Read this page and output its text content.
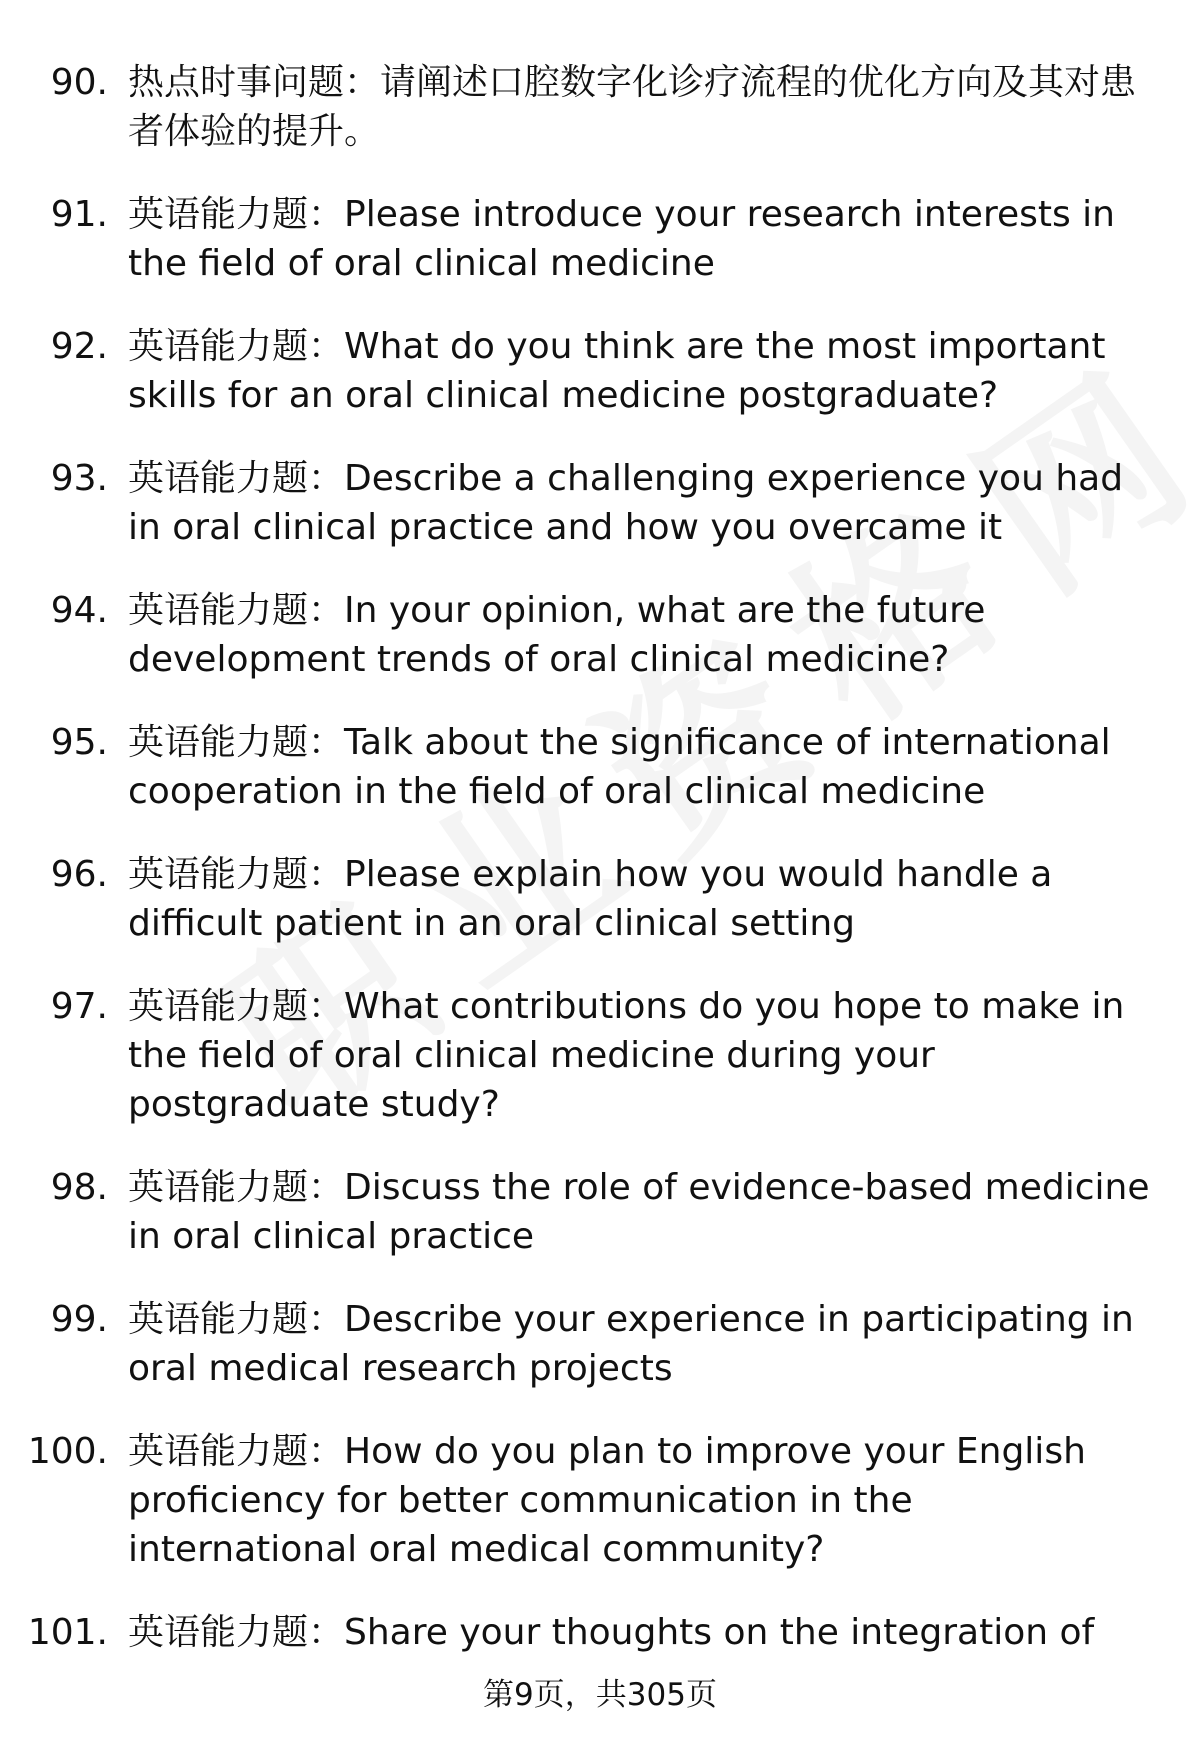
90. 热点时事问题：请阐述口腔数字化诊疗流程的优化方向及其对患者体验的提升。
91. 英语能力题：Please introduce your research interests in the field of oral clinical medicine
92. 英语能力题：What do you think are the most important skills for an oral clinical medicine postgraduate?
93. 英语能力题：Describe a challenging experience you had in oral clinical practice and how you overcame it
94. 英语能力题：In your opinion, what are the future development trends of oral clinical medicine?
95. 英语能力题：Talk about the significance of international cooperation in the field of oral clinical medicine
96. 英语能力题：Please explain how you would handle a difficult patient in an oral clinical setting
97. 英语能力题：What contributions do you hope to make in the field of oral clinical medicine during your postgraduate study?
98. 英语能力题：Discuss the role of evidence-based medicine in oral clinical practice
99. 英语能力题：Describe your experience in participating in oral medical research projects
100. 英语能力题：How do you plan to improve your English proficiency for better communication in the international oral medical community?
101. 英语能力题：Share your thoughts on the integration of
第9页，共305页
